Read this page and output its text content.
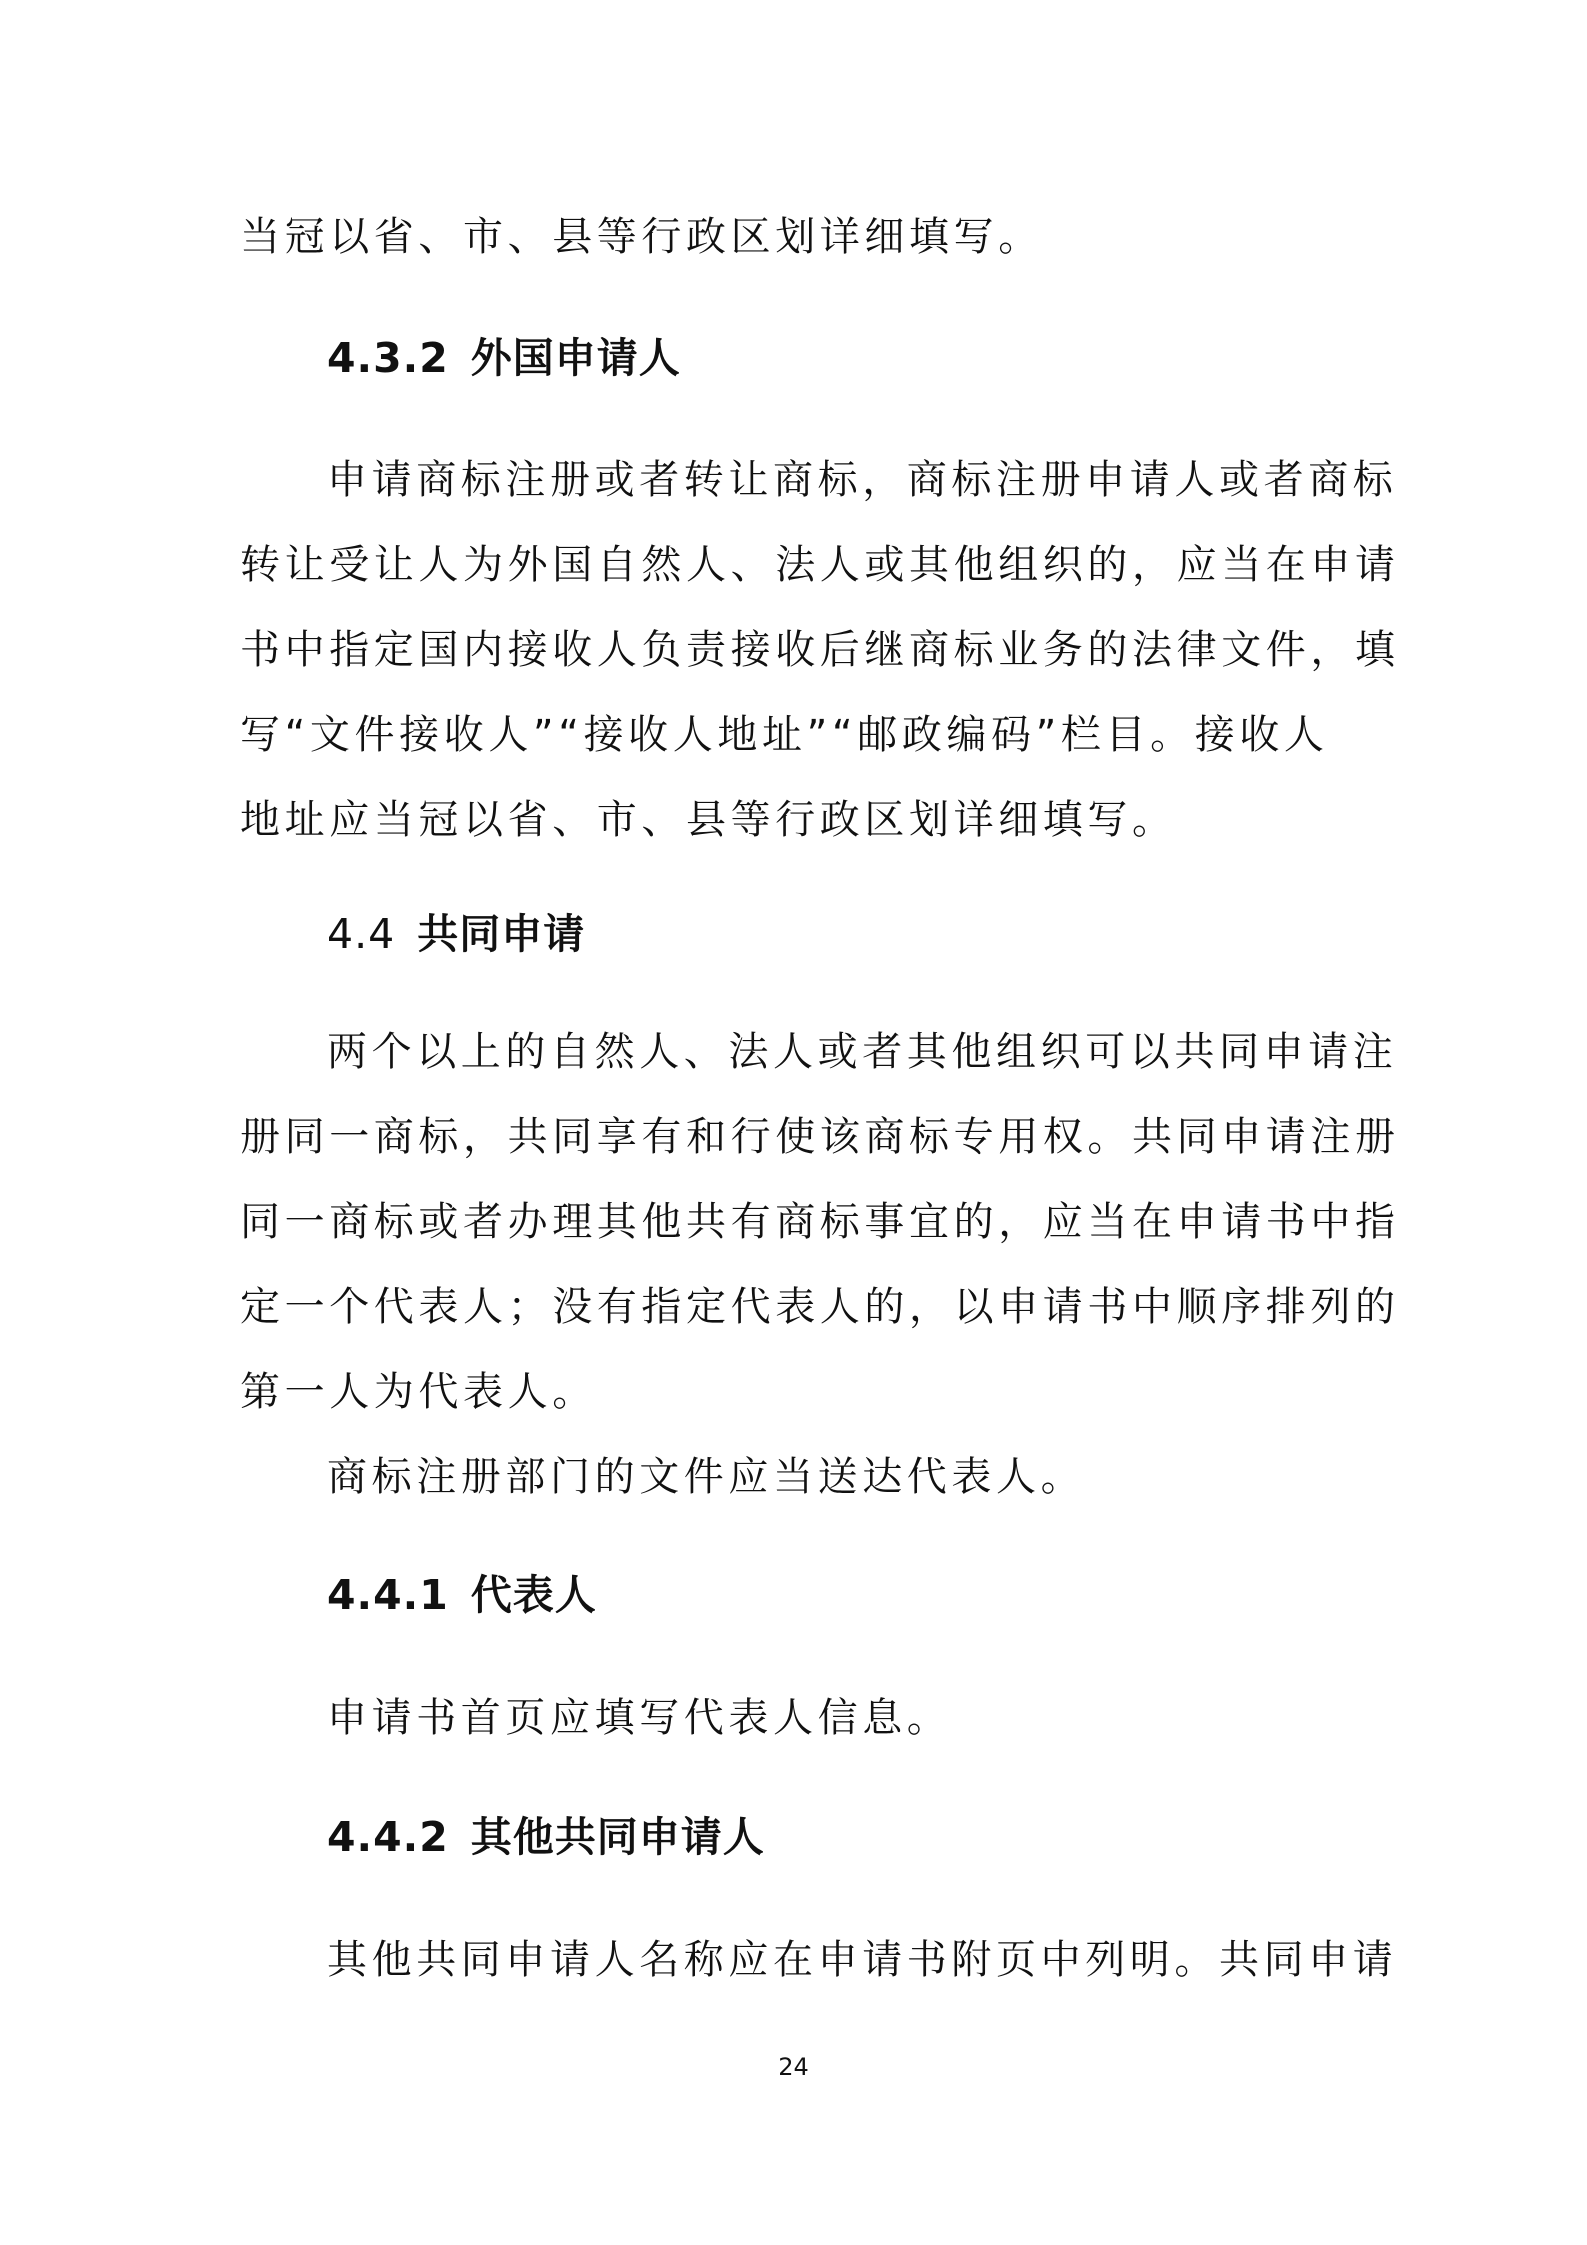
当冠以省、市、县等行政区划详细填写。
4.3.2 外国申请人
申请商标注册或者转让商标，商标注册申请人或者商标
转让受让人为外国自然人、法人或其他组织的，应当在申请
书中指定国内接收人负责接收后继商标业务的法律文件，填
写“文件接收人”“接收人地址”“邮政编码”栏目。接收人
地址应当冠以省、市、县等行政区划详细填写。
4.4 共同申请
两个以上的自然人、法人或者其他组织可以共同申请注
册同一商标，共同享有和行使该商标专用权。共同申请注册
同一商标或者办理其他共有商标事宜的，应当在申请书中指
定一个代表人；没有指定代表人的，以申请书中顺序排列的
第一人为代表人。
商标注册部门的文件应当送达代表人。
4.4.1 代表人
申请书首页应填写代表人信息。
4.4.2 其他共同申请人
其他共同申请人名称应在申请书附页中列明。共同申请
24
